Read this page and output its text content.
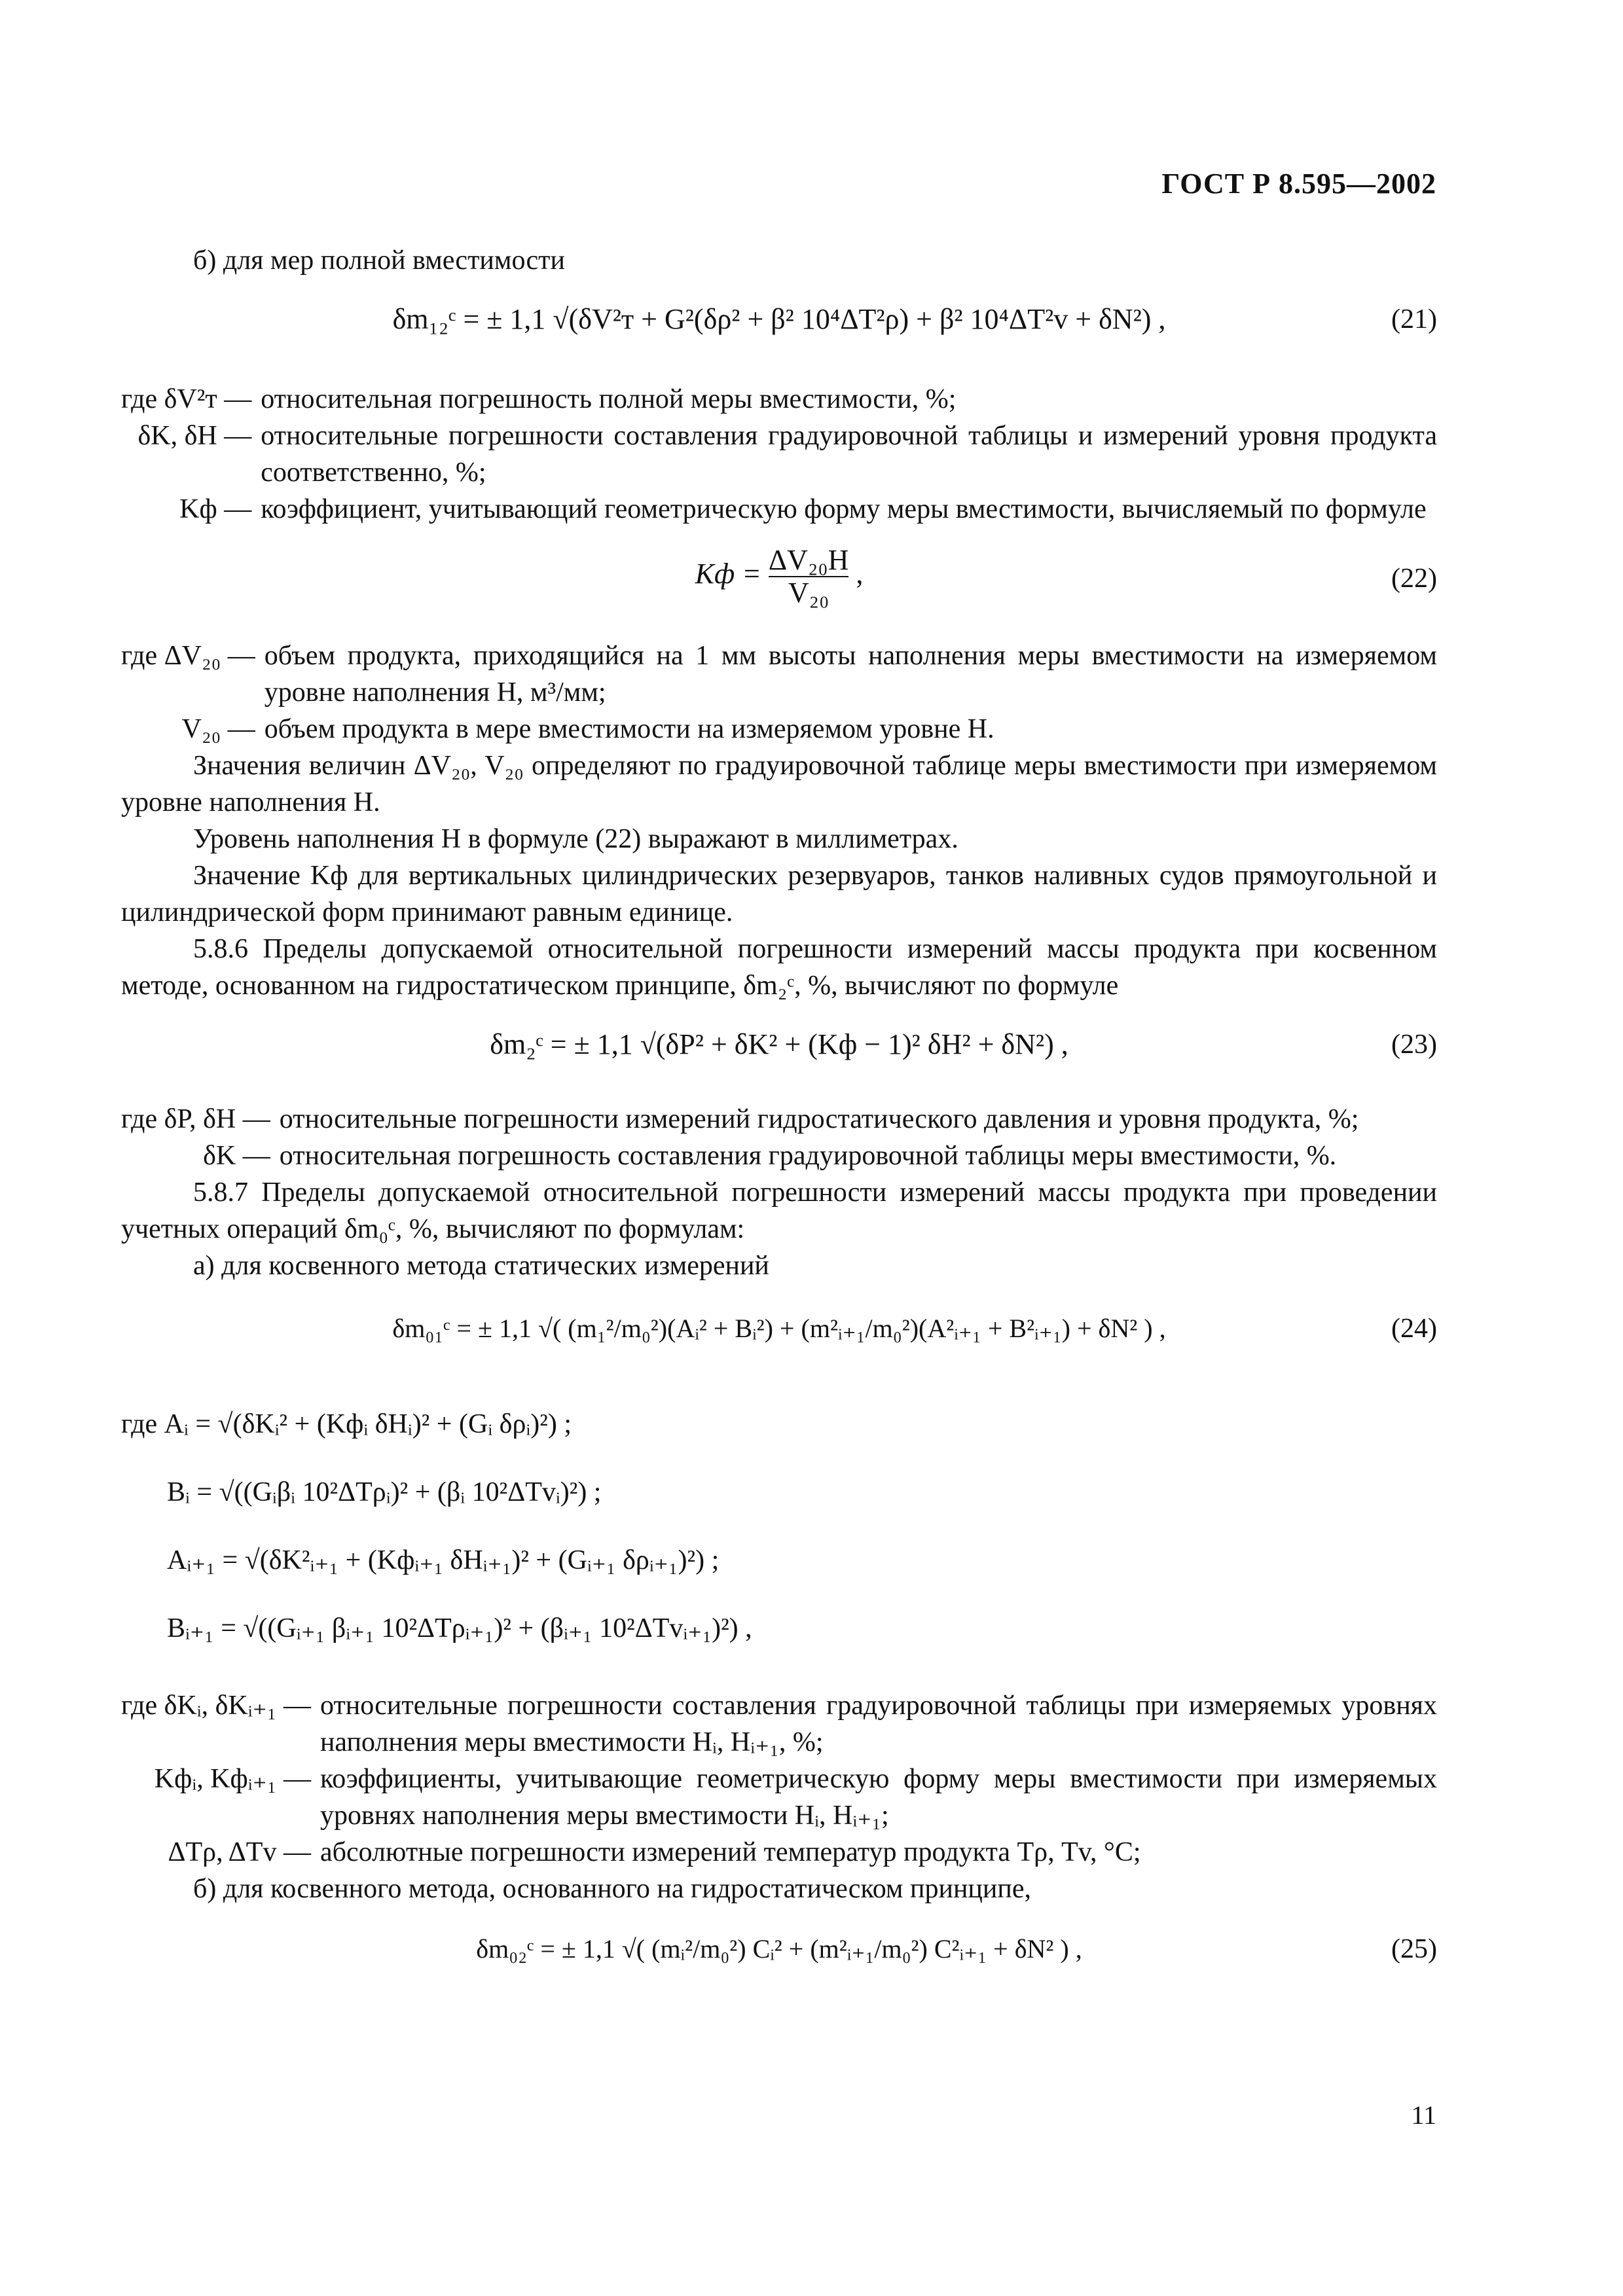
ГОСТ Р 8.595—2002

б) для мер полной вместимости

δm₁₂ᶜ = ± 1,1 √(δV²т + G²(δρ² + β² 10⁴ΔT²ρ) + β² 10⁴ΔT²v + δN²) ,	(21)
где δV²т — относительная погрешность полной меры вместимости, %;
δK, δH — относительные погрешности составления градуировочной таблицы и измерений уровня продукта соответственно, %;
Kф — коэффициент, учитывающий геометрическую форму меры вместимости, вычисляемый по формуле
Kф = $\frac{\text{ΔV₂₀H}}{\text{V₂₀}}$ ,	(22)
где ΔV₂₀ — объем продукта, приходящийся на 1 мм высоты наполнения меры вместимости на измеряемом уровне наполнения H, м³/мм;
V₂₀ — объем продукта в мере вместимости на измеряемом уровне H.

Значения величин ΔV₂₀, V₂₀ определяют по градуировочной таблице меры вместимости при измеряемом уровне наполнения H.

Уровень наполнения H в формуле (22) выражают в миллиметрах.

Значение Kф для вертикальных цилиндрических резервуаров, танков наливных судов прямоугольной и цилиндрической форм принимают равным единице.

5.8.6 Пределы допускаемой относительной погрешности измерений массы продукта при косвенном методе, основанном на гидростатическом принципе, δm₂ᶜ, %, вычисляют по формуле

δm₂ᶜ = ± 1,1 √(δP² + δK² + (Kф − 1)² δH² + δN²) ,	(23)
где δP, δH — относительные погрешности измерений гидростатического давления и уровня продукта, %;
δK — относительная погрешность составления градуировочной таблицы меры вместимости, %.

5.8.7 Пределы допускаемой относительной погрешности измерений массы продукта при проведении учетных операций δm₀ᶜ, %, вычисляют по формулам:

а) для косвенного метода статических измерений

δm₀₁ᶜ = ± 1,1 √( (m₁²/m₀²)(Aᵢ² + Bᵢ²) + (m²ᵢ₊₁/m₀²)(A²ᵢ₊₁ + B²ᵢ₊₁) + δN² ) ,	(24)
где Aᵢ = √(δKᵢ² + (Kфᵢ δHᵢ)² + (Gᵢ δρᵢ)²) ;
Bᵢ = √((Gᵢβᵢ 10²ΔTρᵢ)² + (βᵢ 10²ΔTvᵢ)²) ;
Aᵢ₊₁ = √(δK²ᵢ₊₁ + (Kфᵢ₊₁ δHᵢ₊₁)² + (Gᵢ₊₁ δρᵢ₊₁)²) ;
Bᵢ₊₁ = √((Gᵢ₊₁ βᵢ₊₁ 10²ΔTρᵢ₊₁)² + (βᵢ₊₁ 10²ΔTvᵢ₊₁)²) ,
где δKᵢ, δKᵢ₊₁ — относительные погрешности составления градуировочной таблицы при измеряемых уровнях наполнения меры вместимости Hᵢ, Hᵢ₊₁, %;
Kфᵢ, Kфᵢ₊₁ — коэффициенты, учитывающие геометрическую форму меры вместимости при измеряемых уровнях наполнения меры вместимости Hᵢ, Hᵢ₊₁;
ΔTρ, ΔTv — абсолютные погрешности измерений температур продукта Tρ, Tv, °С;

б) для косвенного метода, основанного на гидростатическом принципе,

δm₀₂ᶜ = ± 1,1 √( (mᵢ²/m₀²) Cᵢ² + (m²ᵢ₊₁/m₀²) C²ᵢ₊₁ + δN² ) ,	(25)
11
